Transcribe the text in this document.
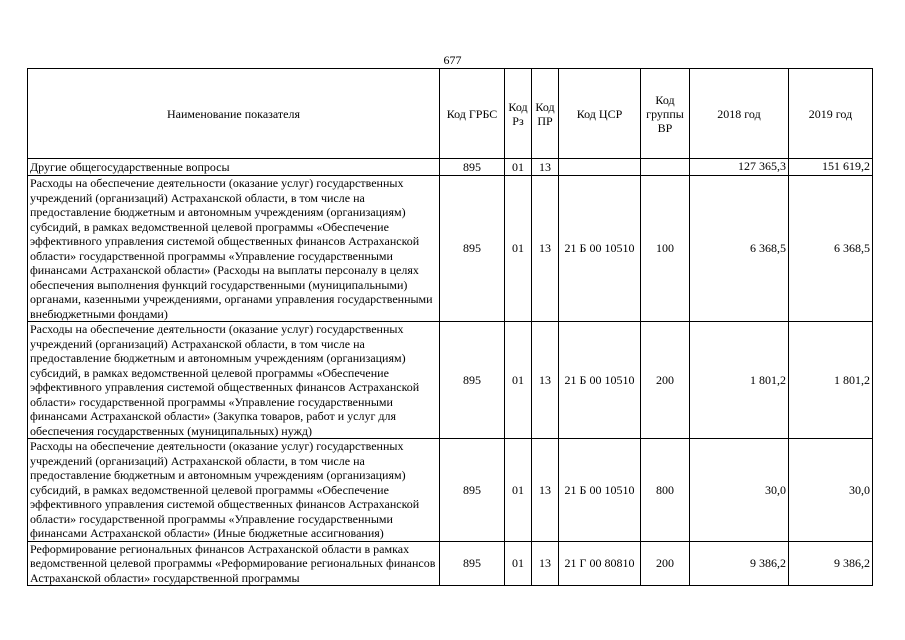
677
Наименование показателя	Код ГРБС	Код Рз	Код ПР	Код ЦСР	Код группы ВР	2018 год	2019 год
Другие общегосударственные вопросы	895	01	13			127 365,3	151 619,2
Расходы на обеспечение деятельности (оказание услуг) государственных учреждений (организаций) Астраханской области, в том числе на предоставление бюджетным и автономным учреждениям (организациям) субсидий, в рамках ведомственной целевой программы «Обеспечение эффективного управления системой общественных финансов Астраханской области» государственной программы «Управление государственными финансами Астраханской области» (Расходы на выплаты персоналу в целях обеспечения выполнения функций государственными (муниципальными) органами, казенными учреждениями, органами управления государственными внебюджетными фондами)	895	01	13	21 Б 00 10510	100	6 368,5	6 368,5
Расходы на обеспечение деятельности (оказание услуг) государственных учреждений (организаций) Астраханской области, в том числе на предоставление бюджетным и автономным учреждениям (организациям) субсидий, в рамках ведомственной целевой программы «Обеспечение эффективного управления системой общественных финансов Астраханской области» государственной программы «Управление государственными финансами Астраханской области» (Закупка товаров, работ и услуг для обеспечения государственных (муниципальных) нужд)	895	01	13	21 Б 00 10510	200	1 801,2	1 801,2
Расходы на обеспечение деятельности (оказание услуг) государственных учреждений (организаций) Астраханской области, в том числе на предоставление бюджетным и автономным учреждениям (организациям) субсидий, в рамках ведомственной целевой программы «Обеспечение эффективного управления системой общественных финансов Астраханской области» государственной программы «Управление государственными финансами Астраханской области» (Иные бюджетные ассигнования)	895	01	13	21 Б 00 10510	800	30,0	30,0
Реформирование региональных финансов Астраханской области в рамках ведомственной целевой программы «Реформирование региональных финансов Астраханской области» государственной программы	895	01	13	21 Г 00 80810	200	9 386,2	9 386,2
